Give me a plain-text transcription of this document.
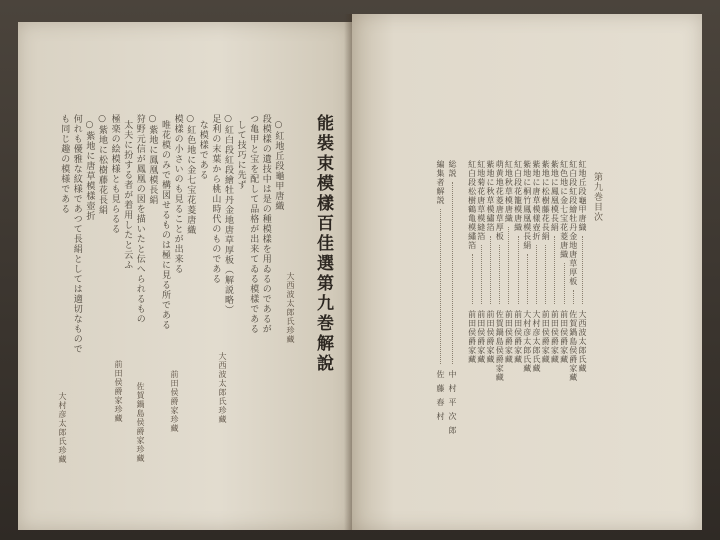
能裝束模樣百佳選第九巻解說
大西波太郎氏珍藏
○紅地丘段龜甲唐織
段模樣の遺技中は是の種模樣を用ゐるのであるが
つ亀甲と宝を配して品格が出来てゐる模樣である
して技巧に先ず
○紅白段紅段繪牡丹金地唐草厚板（解説略）
足利の末葉から桃山時代のものである
な模樣である
○紅色地に金七宝花菱唐織
模樣の小さいのも見ることが出来る
唯花模のみで構図せるものは極に見る所である
○紫地に鳳凰模長絹
狩野元信が鳳凰の図を描いたと伝へられるもの
太夫に扮する者が着用したと云ふ
極楽の絵模様とも見らるる
○紫地に松樹藤花長絹
○紫地に唐草模樣壺折
何れも優雅な紋様であつて長絹としては適切なもので
も同じ趣の模様である
大西波太郎氏珍藏
前田侯爵家珍藏
佐賀鍋島侯爵家珍藏
前田侯爵家珍藏
大村彦太郎氏珍藏
第九巻目次
紅地丘段龜甲唐織
大西波太郎氏藏
紅白段紅段繪牡丹金地唐草厚板
佐賀鍋島侯爵家藏
紅色地に金七宝花菱唐織
前田侯爵家藏
紫地に鳳凰模長絹
前田侯爵家藏
紫地に松樹藤花長絹
前田侯爵家藏
紫地に唐草模樣壺折
大村彦太郎氏藏
紫地に桐竹鳳凰模長絹
大村彦太郎氏藏
紅白段花籠模唐織
前田侯爵家藏
紅地秋草模唐織
前田侯爵家藏
萌黄地花菱唐草厚板
佐賀鍋島侯爵家藏
紫地に秋草模繡箔
前田侯爵家藏
紅地菊花唐草模縫箔
前田侯爵家藏
紅白段松樹鶴亀模繡箔
前田侯爵家藏
総説
中村平次郎
編集者解説
佐藤春村
